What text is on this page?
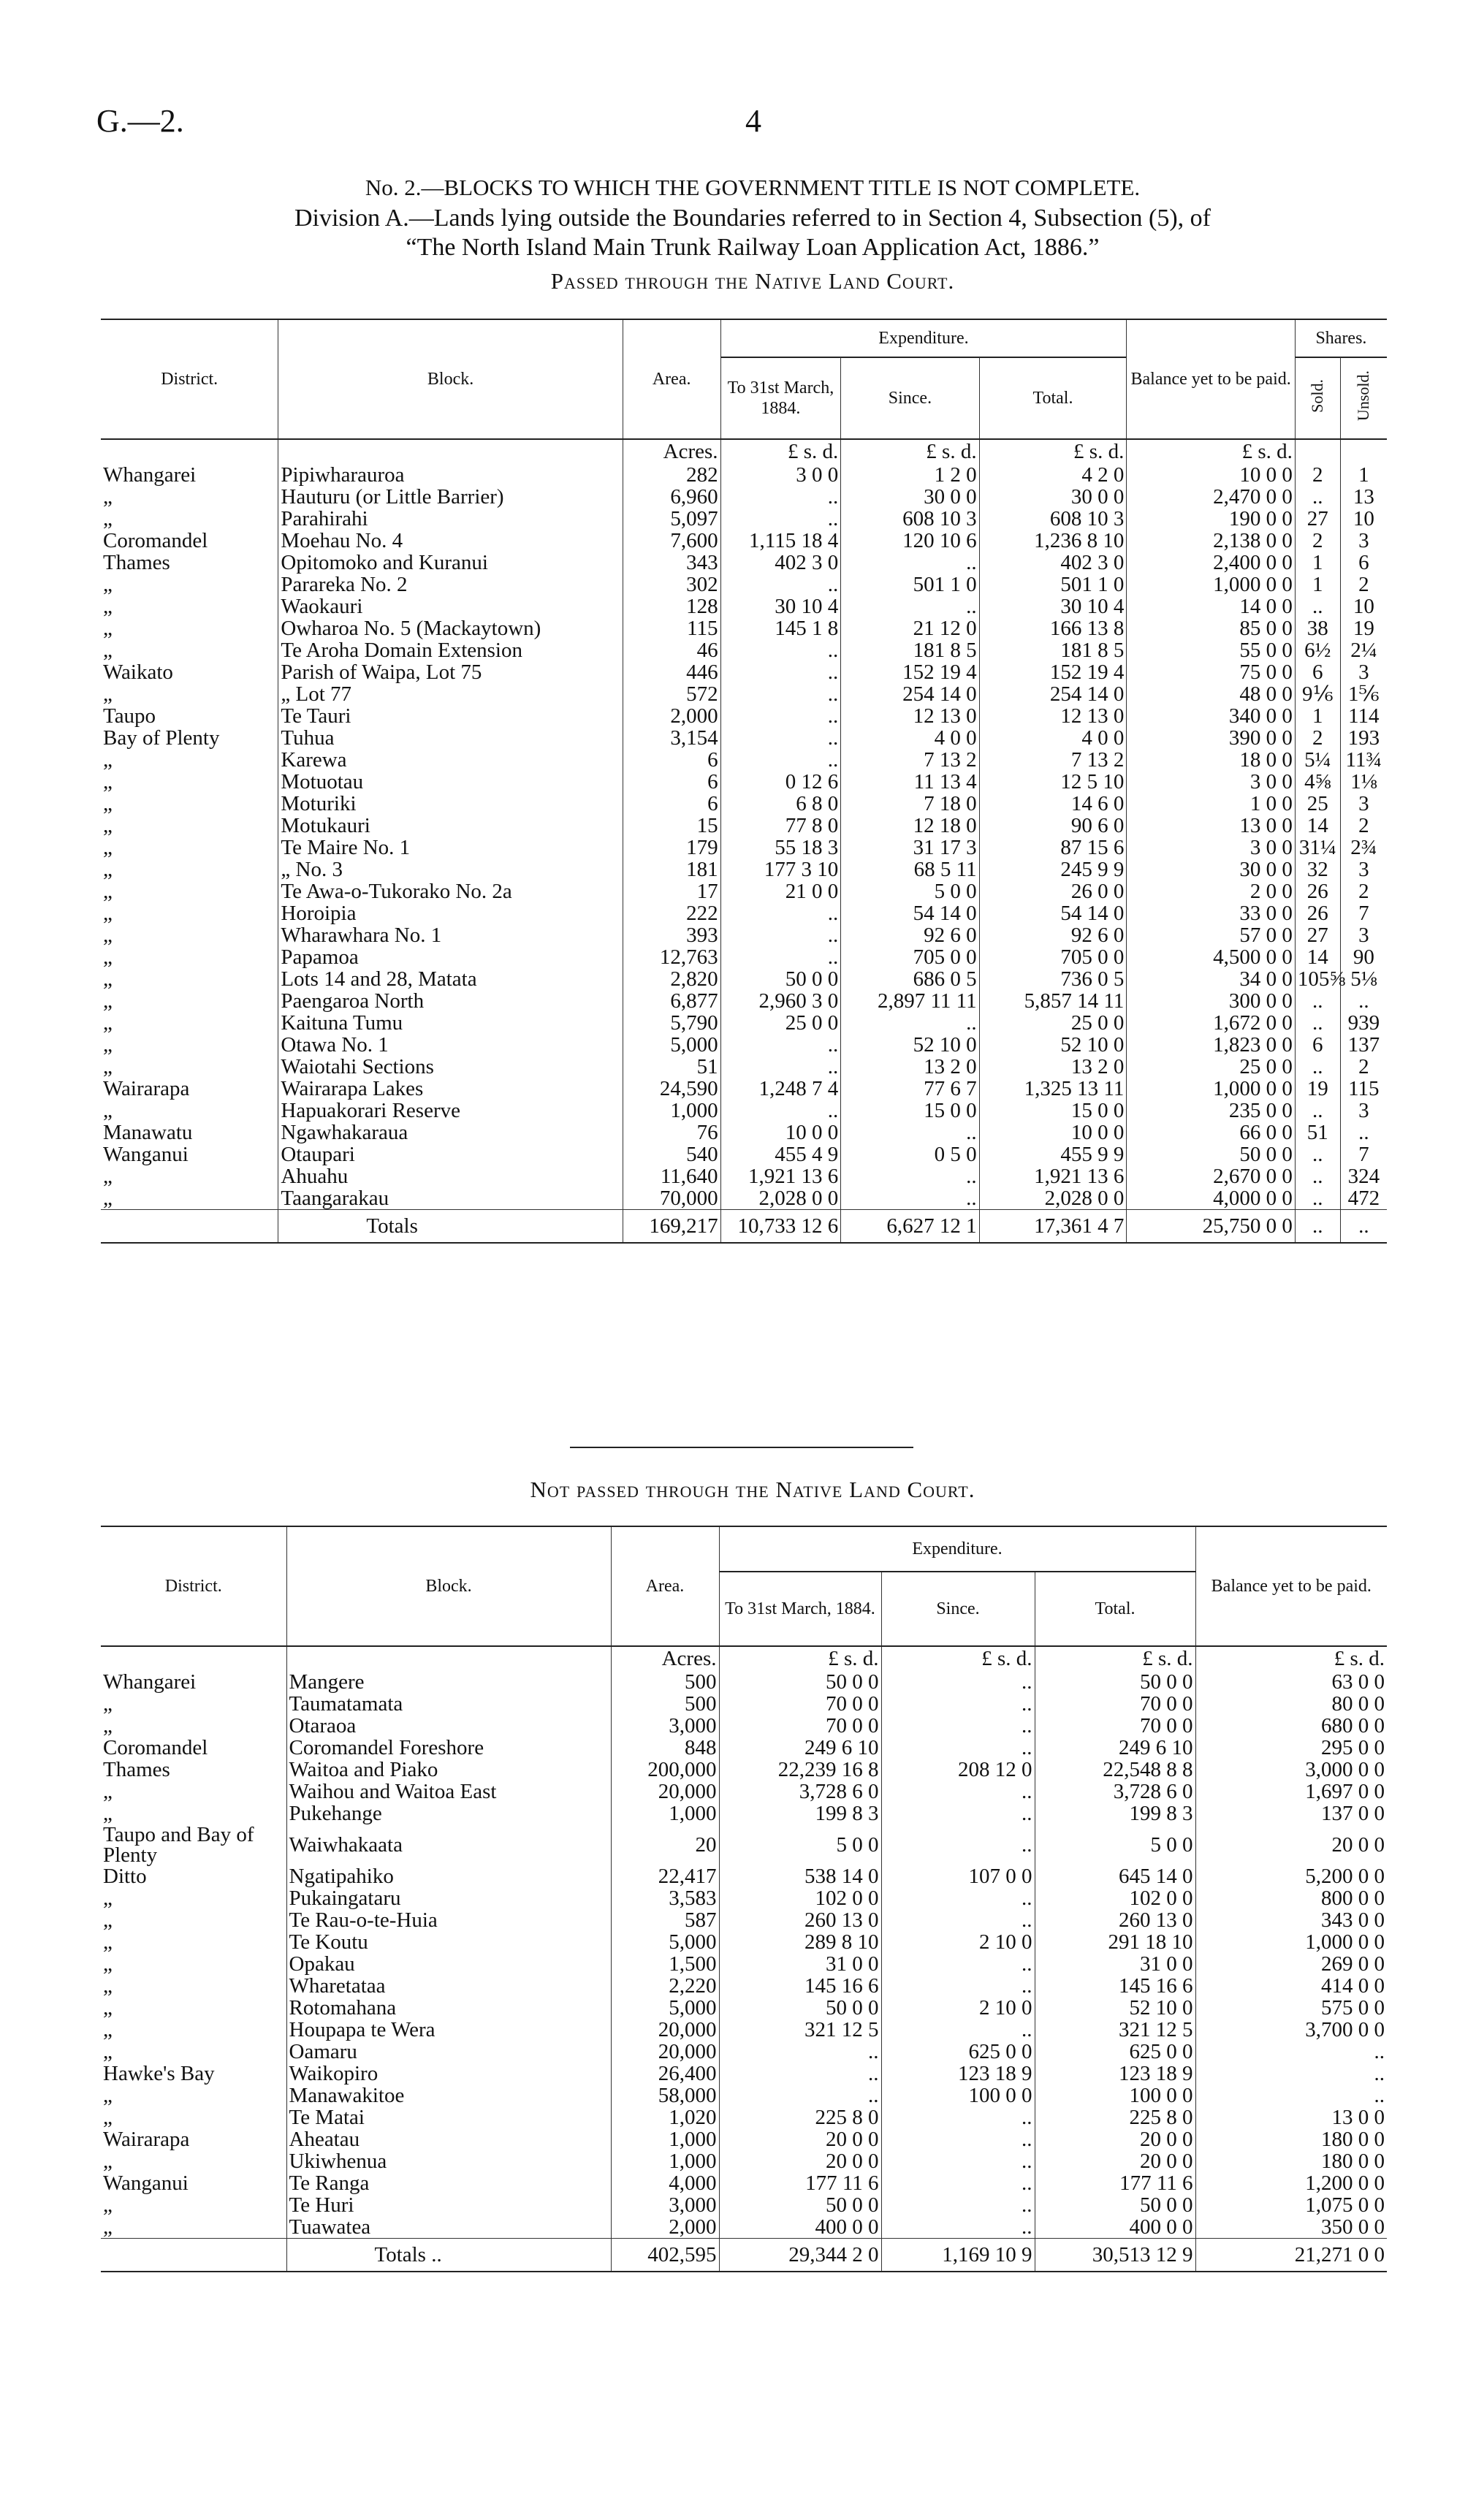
G.—2.	4
No. 2.—BLOCKS TO WHICH THE GOVERNMENT TITLE IS NOT COMPLETE.
Division A.—Lands lying outside the Boundaries referred to in Section 4, Subsection (5), of
“The North Island Main Trunk Railway Loan Application Act, 1886.”
Passed through the Native Land Court.
District.	Block.	Area.	Expenditure.			Balance yet to be paid.	Shares.	
			To 31st March, 1884.	Since.	Total.		Sold.	Unsold.

		Acres.	£ s. d.	£ s. d.	£ s. d.	£ s. d.		
Whangarei	Pipiwharauroa	282	3 0 0	1 2 0	4 2 0	10 0 0	2	1
„	Hauturu (or Little Barrier)	6,960	..	30 0 0	30 0 0	2,470 0 0	..	13
„	Parahirahi	5,097	..	608 10 3	608 10 3	190 0 0	27	10
Coromandel	Moehau No. 4	7,600	1,115 18 4	120 10 6	1,236 8 10	2,138 0 0	2	3
Thames	Opitomoko and Kuranui	343	402 3 0	..	402 3 0	2,400 0 0	1	6
„	Parareka No. 2	302	..	501 1 0	501 1 0	1,000 0 0	1	2
„	Waokauri	128	30 10 4	..	30 10 4	14 0 0	..	10
„	Owharoa No. 5 (Mackaytown)	115	145 1 8	21 12 0	166 13 8	85 0 0	38	19
„	Te Aroha Domain Extension	46	..	181 8 5	181 8 5	55 0 0	6½	2¼
Waikato	Parish of Waipa, Lot 75	446	..	152 19 4	152 19 4	75 0 0	6	3
„	„ Lot 77	572	..	254 14 0	254 14 0	48 0 0	9⅙	1⅚
Taupo	Te Tauri	2,000	..	12 13 0	12 13 0	340 0 0	1	114
Bay of Plenty	Tuhua	3,154	..	4 0 0	4 0 0	390 0 0	2	193
„	Karewa	6	..	7 13 2	7 13 2	18 0 0	5¼	11¾
„	Motuotau	6	0 12 6	11 13 4	12 5 10	3 0 0	4⅝	1⅛
„	Moturiki	6	6 8 0	7 18 0	14 6 0	1 0 0	25	3
„	Motukauri	15	77 8 0	12 18 0	90 6 0	13 0 0	14	2
„	Te Maire No. 1	179	55 18 3	31 17 3	87 15 6	3 0 0	31¼	2¾
„	„ No. 3	181	177 3 10	68 5 11	245 9 9	30 0 0	32	3
„	Te Awa-o-Tukorako No. 2a	17	21 0 0	5 0 0	26 0 0	2 0 0	26	2
„	Horoipia	222	..	54 14 0	54 14 0	33 0 0	26	7
„	Wharawhara No. 1	393	..	92 6 0	92 6 0	57 0 0	27	3
„	Papamoa	12,763	..	705 0 0	705 0 0	4,500 0 0	14	90
„	Lots 14 and 28, Matata	2,820	50 0 0	686 0 5	736 0 5	34 0 0	105⅝	5⅛
„	Paengaroa North	6,877	2,960 3 0	2,897 11 11	5,857 14 11	300 0 0	..	..
„	Kaituna Tumu	5,790	25 0 0	..	25 0 0	1,672 0 0	..	939
„	Otawa No. 1	5,000	..	52 10 0	52 10 0	1,823 0 0	6	137
„	Waiotahi Sections	51	..	13 2 0	13 2 0	25 0 0	..	2
Wairarapa	Wairarapa Lakes	24,590	1,248 7 4	77 6 7	1,325 13 11	1,000 0 0	19	115
„	Hapuakorari Reserve	1,000	..	15 0 0	15 0 0	235 0 0	..	3
Manawatu	Ngawhakaraua	76	10 0 0	..	10 0 0	66 0 0	51	..
Wanganui	Otaupari	540	455 4 9	0 5 0	455 9 9	50 0 0	..	7
„	Ahuahu	11,640	1,921 13 6	..	1,921 13 6	2,670 0 0	..	324
„	Taangarakau	70,000	2,028 0 0	..	2,028 0 0	4,000 0 0	..	472
	Totals	169,217	10,733 12 6	6,627 12 1	17,361 4 7	25,750 0 0	..	..
Not passed through the Native Land Court.
District.	Block.	Area.	Expenditure.			Balance yet to be paid.
			To 31st March, 1884.	Since.	Total.	
		Acres.	£ s. d.	£ s. d.	£ s. d.	£ s. d.
Whangarei	Mangere	500	50 0 0	..	50 0 0	63 0 0
„	Taumatamata	500	70 0 0	..	70 0 0	80 0 0
„	Otaraoa	3,000	70 0 0	..	70 0 0	680 0 0
Coromandel	Coromandel Foreshore	848	249 6 10	..	249 6 10	295 0 0
Thames	Waitoa and Piako	200,000	22,239 16 8	208 12 0	22,548 8 8	3,000 0 0
„	Waihou and Waitoa East	20,000	3,728 6 0	..	3,728 6 0	1,697 0 0
„	Pukehange	1,000	199 8 3	..	199 8 3	137 0 0
Taupo and Bay of Plenty	Waiwhakaata	20	5 0 0	..	5 0 0	20 0 0
Ditto	Ngatipahiko	22,417	538 14 0	107 0 0	645 14 0	5,200 0 0
„	Pukaingataru	3,583	102 0 0	..	102 0 0	800 0 0
„	Te Rau-o-te-Huia	587	260 13 0	..	260 13 0	343 0 0
„	Te Koutu	5,000	289 8 10	2 10 0	291 18 10	1,000 0 0
„	Opakau	1,500	31 0 0	..	31 0 0	269 0 0
„	Wharetataa	2,220	145 16 6	..	145 16 6	414 0 0
„	Rotomahana	5,000	50 0 0	2 10 0	52 10 0	575 0 0
„	Houpapa te Wera	20,000	321 12 5	..	321 12 5	3,700 0 0
„	Oamaru	20,000	..	625 0 0	625 0 0	..
Hawke's Bay	Waikopiro	26,400	..	123 18 9	123 18 9	..
„	Manawakitoe	58,000	..	100 0 0	100 0 0	..
„	Te Matai	1,020	225 8 0	..	225 8 0	13 0 0
Wairarapa	Aheatau	1,000	20 0 0	..	20 0 0	180 0 0
„	Ukiwhenua	1,000	20 0 0	..	20 0 0	180 0 0
Wanganui	Te Ranga	4,000	177 11 6	..	177 11 6	1,200 0 0
„	Te Huri	3,000	50 0 0	..	50 0 0	1,075 0 0
„	Tuawatea	2,000	400 0 0	..	400 0 0	350 0 0
	Totals ..	402,595	29,344 2 0	1,169 10 9	30,513 12 9	21,271 0 0
